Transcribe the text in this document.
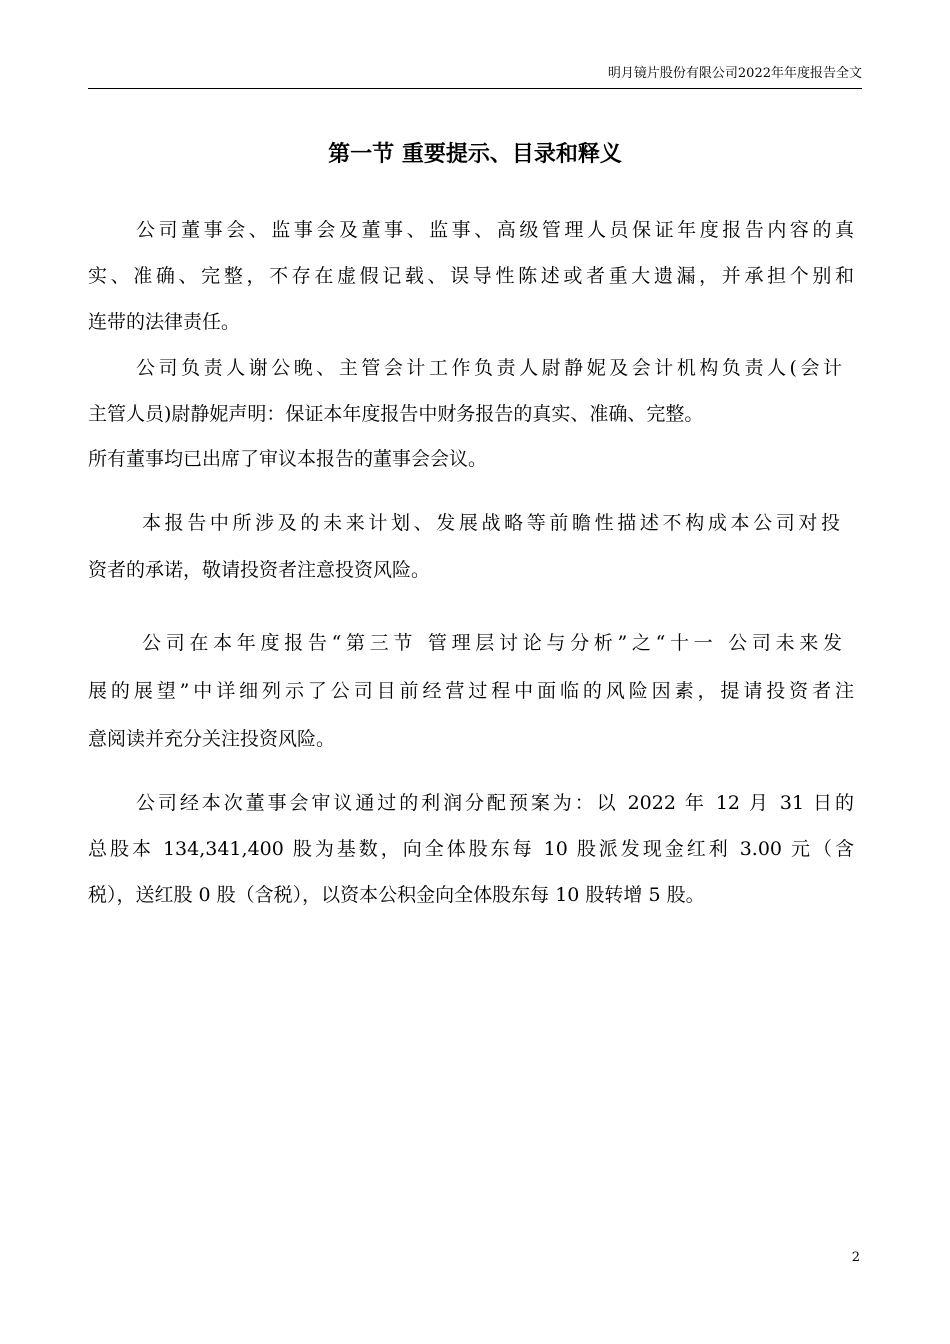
明月镜片股份有限公司2022年年度报告全文
第一节 重要提示、目录和释义
公司董事会、监事会及董事、监事、高级管理人员保证年度报告内容的真
实、准确、完整，不存在虚假记载、误导性陈述或者重大遗漏，并承担个别和
连带的法律责任。
公司负责人谢公晚、主管会计工作负责人尉静妮及会计机构负责人(会计
主管人员)尉静妮声明：保证本年度报告中财务报告的真实、准确、完整。
所有董事均已出席了审议本报告的董事会会议。
本报告中所涉及的未来计划、发展战略等前瞻性描述不构成本公司对投
资者的承诺，敬请投资者注意投资风险。
公司在本年度报告“第三节 管理层讨论与分析”之“十一 公司未来发
展的展望”中详细列示了公司目前经营过程中面临的风险因素，提请投资者注
意阅读并充分关注投资风险。
公司经本次董事会审议通过的利润分配预案为：以 2022 年 12 月 31 日的
总股本 134,341,400 股为基数，向全体股东每 10 股派发现金红利 3.00 元（含
税），送红股 0 股（含税），以资本公积金向全体股东每 10 股转增 5 股。
2
